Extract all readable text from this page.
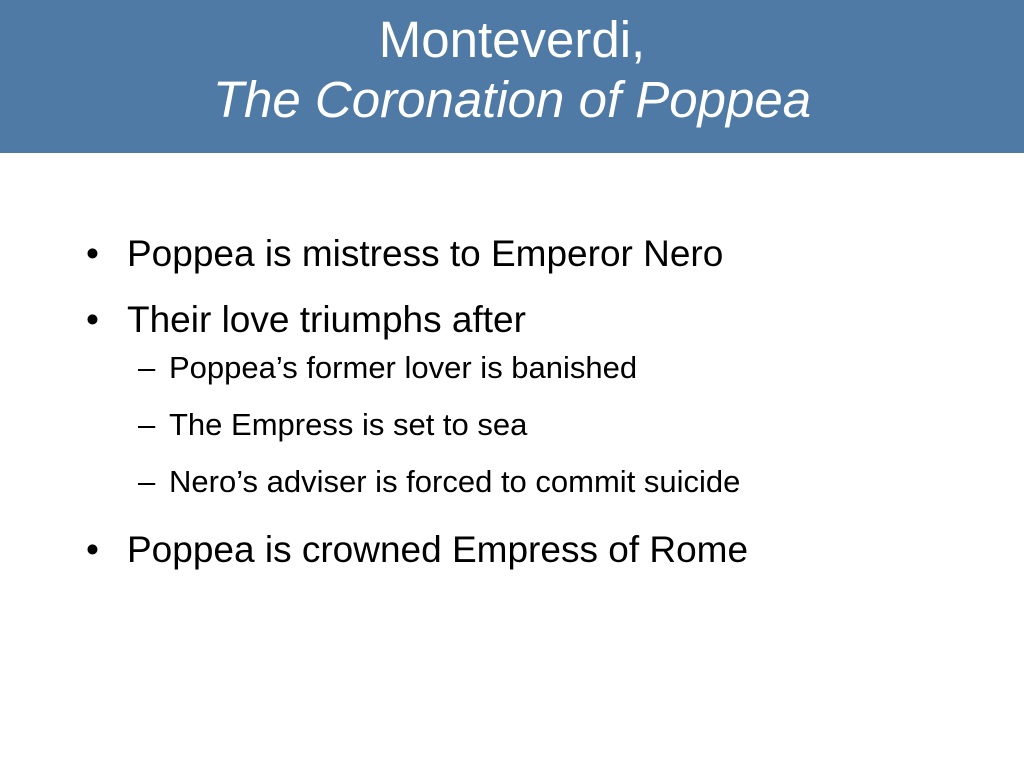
Monteverdi,
The Coronation of Poppea
• Poppea is mistress to Emperor Nero
• Their love triumphs after
– Poppea’s former lover is banished
– The Empress is set to sea
– Nero’s adviser is forced to commit suicide
• Poppea is crowned Empress of Rome
